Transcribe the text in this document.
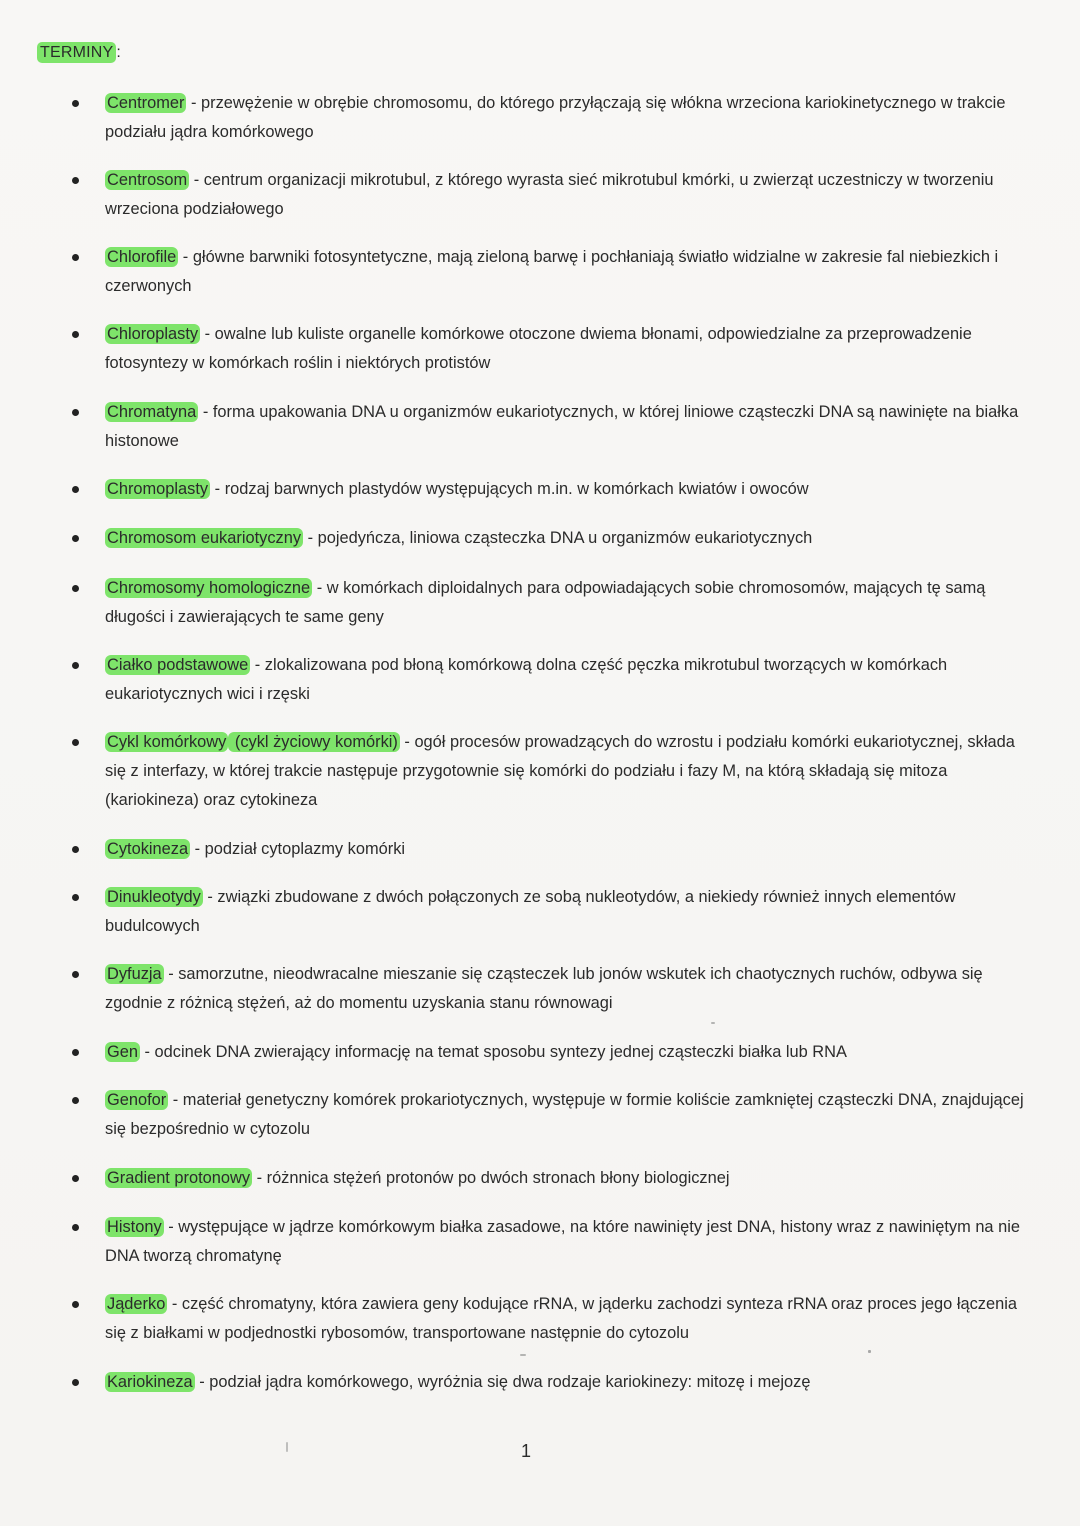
TERMINY :
Centromer - przewężenie w obrębie chromosomu, do którego przyłączają się włókna wrzeciona kariokinetycznego w trakcie podziału jądra komórkowego
Centrosom - centrum organizacji mikrotubul, z którego wyrasta sieć mikrotubul kmórki, u zwierząt uczestniczy w tworzeniu wrzeciona podziałowego
Chlorofile - główne barwniki fotosyntetyczne, mają zieloną barwę i pochłaniają światło widzialne w zakresie fal niebiezkich i czerwonych
Chloroplasty - owalne lub kuliste organelle komórkowe otoczone dwiema błonami, odpowiedzialne za przeprowadzenie fotosyntezy w komórkach roślin i niektórych protistów
Chromatyna - forma upakowania DNA u organizmów eukariotycznych, w której liniowe cząsteczki DNA są nawinięte na białka histonowe
Chromoplasty - rodzaj barwnych plastydów występujących m.in. w komórkach kwiatów i owoców
Chromosom eukariotyczny - pojedyńcza, liniowa cząsteczka DNA u organizmów eukariotycznych
Chromosomy homologiczne - w komórkach diploidalnych para odpowiadających sobie chromosomów, mających tę samą długości i zawierających te same geny
Ciałko podstawowe - zlokalizowana pod błoną komórkową dolna część pęczka mikrotubul tworzących w komórkach eukariotycznych wici i rzęski
Cykl komórkowy (cykl życiowy komórki) - ogół procesów prowadzących do wzrostu i podziału komórki eukariotycznej, składa się z interfazy, w której trakcie następuje przygotownie się komórki do podziału i fazy M, na którą składają się mitoza (kariokineza) oraz cytokineza
Cytokineza - podział cytoplazmy komórki
Dinukleotydy - związki zbudowane z dwóch połączonych ze sobą nukleotydów, a niekiedy również innych elementów budulcowych
Dyfuzja - samorzutne, nieodwracalne mieszanie się cząsteczek lub jonów wskutek ich chaotycznych ruchów, odbywa się zgodnie z różnicą stężeń, aż do momentu uzyskania stanu równowagi
Gen - odcinek DNA zwierający informację na temat sposobu syntezy jednej cząsteczki białka lub RNA
Genofor - materiał genetyczny komórek prokariotycznych, występuje w formie koliście zamkniętej cząsteczki DNA, znajdującej się bezpośrednio w cytozolu
Gradient protonowy - różnnica stężeń protonów po dwóch stronach błony biologicznej
Histony - występujące w jądrze komórkowym białka zasadowe, na które nawinięty jest DNA, histony wraz z nawiniętym na nie DNA tworzą chromatynę
Jąderko - część chromatyny, która zawiera geny kodujące rRNA, w jąderku zachodzi synteza rRNA oraz proces jego łączenia się z białkami w podjednostki rybosomów, transportowane następnie do cytozolu
Kariokineza - podział jądra komórkowego, wyróżnia się dwa rodzaje kariokinezy: mitozę i mejozę
1
